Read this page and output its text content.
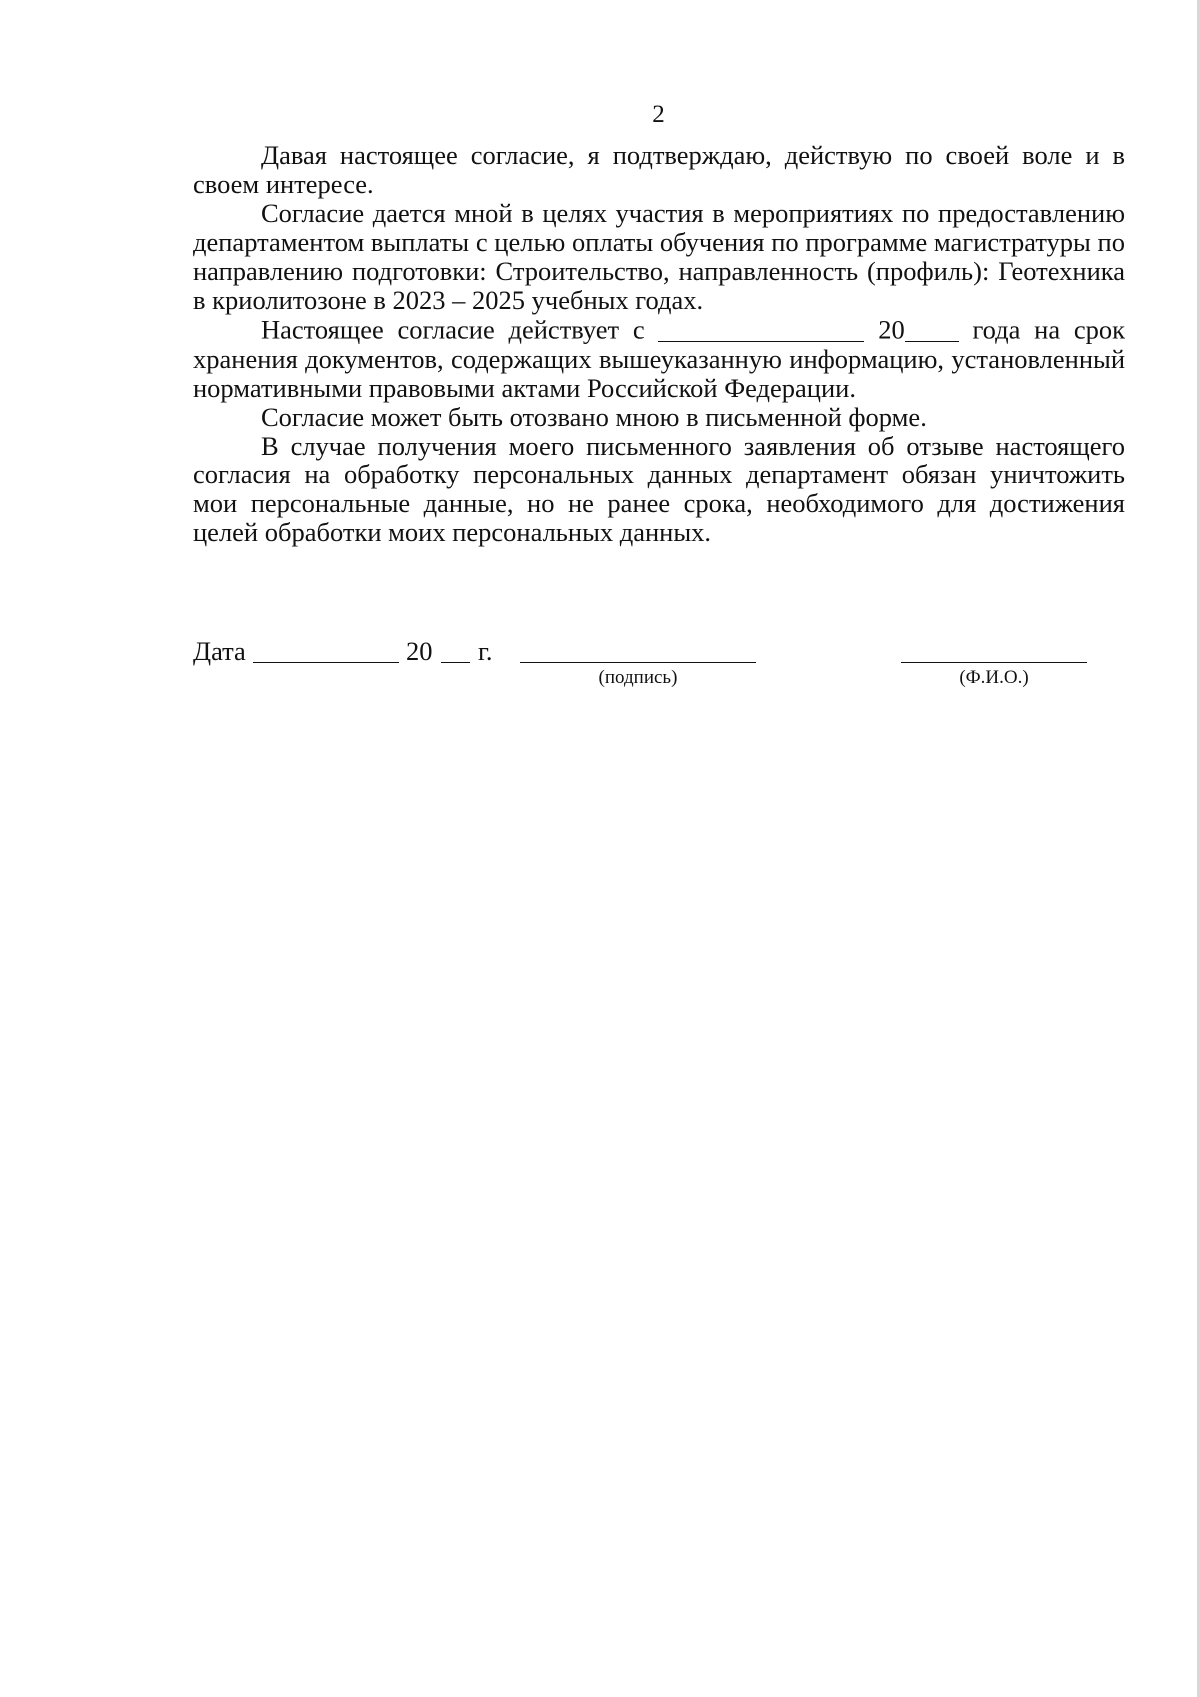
2

Давая настоящее согласие, я подтверждаю, действую по своей воле и в своем интересе.

Согласие дается мной в целях участия в мероприятиях по предоставлению департаментом выплаты с целью оплаты обучения по программе магистратуры по направлению подготовки: Строительство, направленность (профиль): Геотехника в криолитозоне в 2023 – 2025 учебных годах.

Настоящее согласие действует с	20	года на срок хранения документов, содержащих вышеуказанную информацию, установленный нормативными правовыми актами Российской Федерации.

Согласие может быть отозвано мною в письменной форме.

В случае получения моего письменного заявления об отзыве настоящего согласия на обработку персональных данных департамент обязан уничтожить мои персональные данные, но не ранее срока, необходимого для достижения целей обработки моих персональных данных.

Дата	20 г.
(подпись)	(Ф.И.О.)
